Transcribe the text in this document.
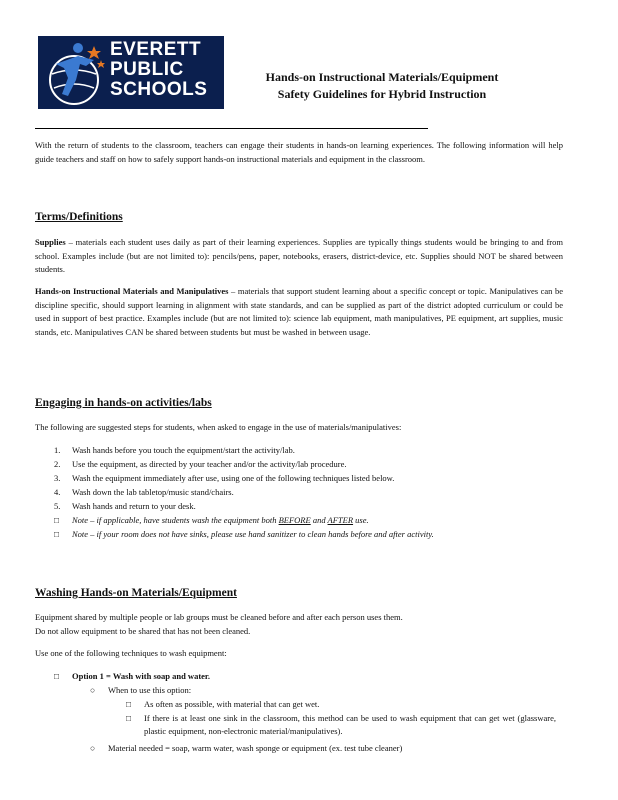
EVERETT PUBLIC SCHOOLS
Hands-on Instructional Materials/Equipment
Safety Guidelines for Hybrid Instruction
With the return of students to the classroom, teachers can engage their students in hands-on learning experiences. The following information will help guide teachers and staff on how to safely support hands-on instructional materials and equipment in the classroom.
Terms/Definitions
Supplies – materials each student uses daily as part of their learning experiences. Supplies are typically things students would be bringing to and from school. Examples include (but are not limited to): pencils/pens, paper, notebooks, erasers, district-device, etc. Supplies should NOT be shared between students.
Hands-on Instructional Materials and Manipulatives – materials that support student learning about a specific concept or topic. Manipulatives can be discipline specific, should support learning in alignment with state standards, and can be supplied as part of the district adopted curriculum or could be used in support of best practice. Examples include (but are not limited to): science lab equipment, math manipulatives, PE equipment, art supplies, music stands, etc. Manipulatives CAN be shared between students but must be washed in between usage.
Engaging in hands-on activities/labs
The following are suggested steps for students, when asked to engage in the use of materials/manipulatives:
1.	Wash hands before you touch the equipment/start the activity/lab.
2.	Use the equipment, as directed by your teacher and/or the activity/lab procedure.
3.	Wash the equipment immediately after use, using one of the following techniques listed below.
4.	Wash down the lab tabletop/music stand/chairs.
5.	Wash hands and return to your desk.
□	Note – if applicable, have students wash the equipment both BEFORE and AFTER use.
□	Note – if your room does not have sinks, please use hand sanitizer to clean hands before and after activity.
Washing Hands-on Materials/Equipment
Equipment shared by multiple people or lab groups must be cleaned before and after each person uses them.
Do not allow equipment to be shared that has not been cleaned.
Use one of the following techniques to wash equipment:
□ Option 1 = Wash with soap and water.
○ When to use this option:
□ As often as possible, with material that can get wet.
□ If there is at least one sink in the classroom, this method can be used to wash equipment that can get wet (glassware, plastic equipment, non-electronic material/manipulatives).
○ Material needed = soap, warm water, wash sponge or equipment (ex. test tube cleaner)
